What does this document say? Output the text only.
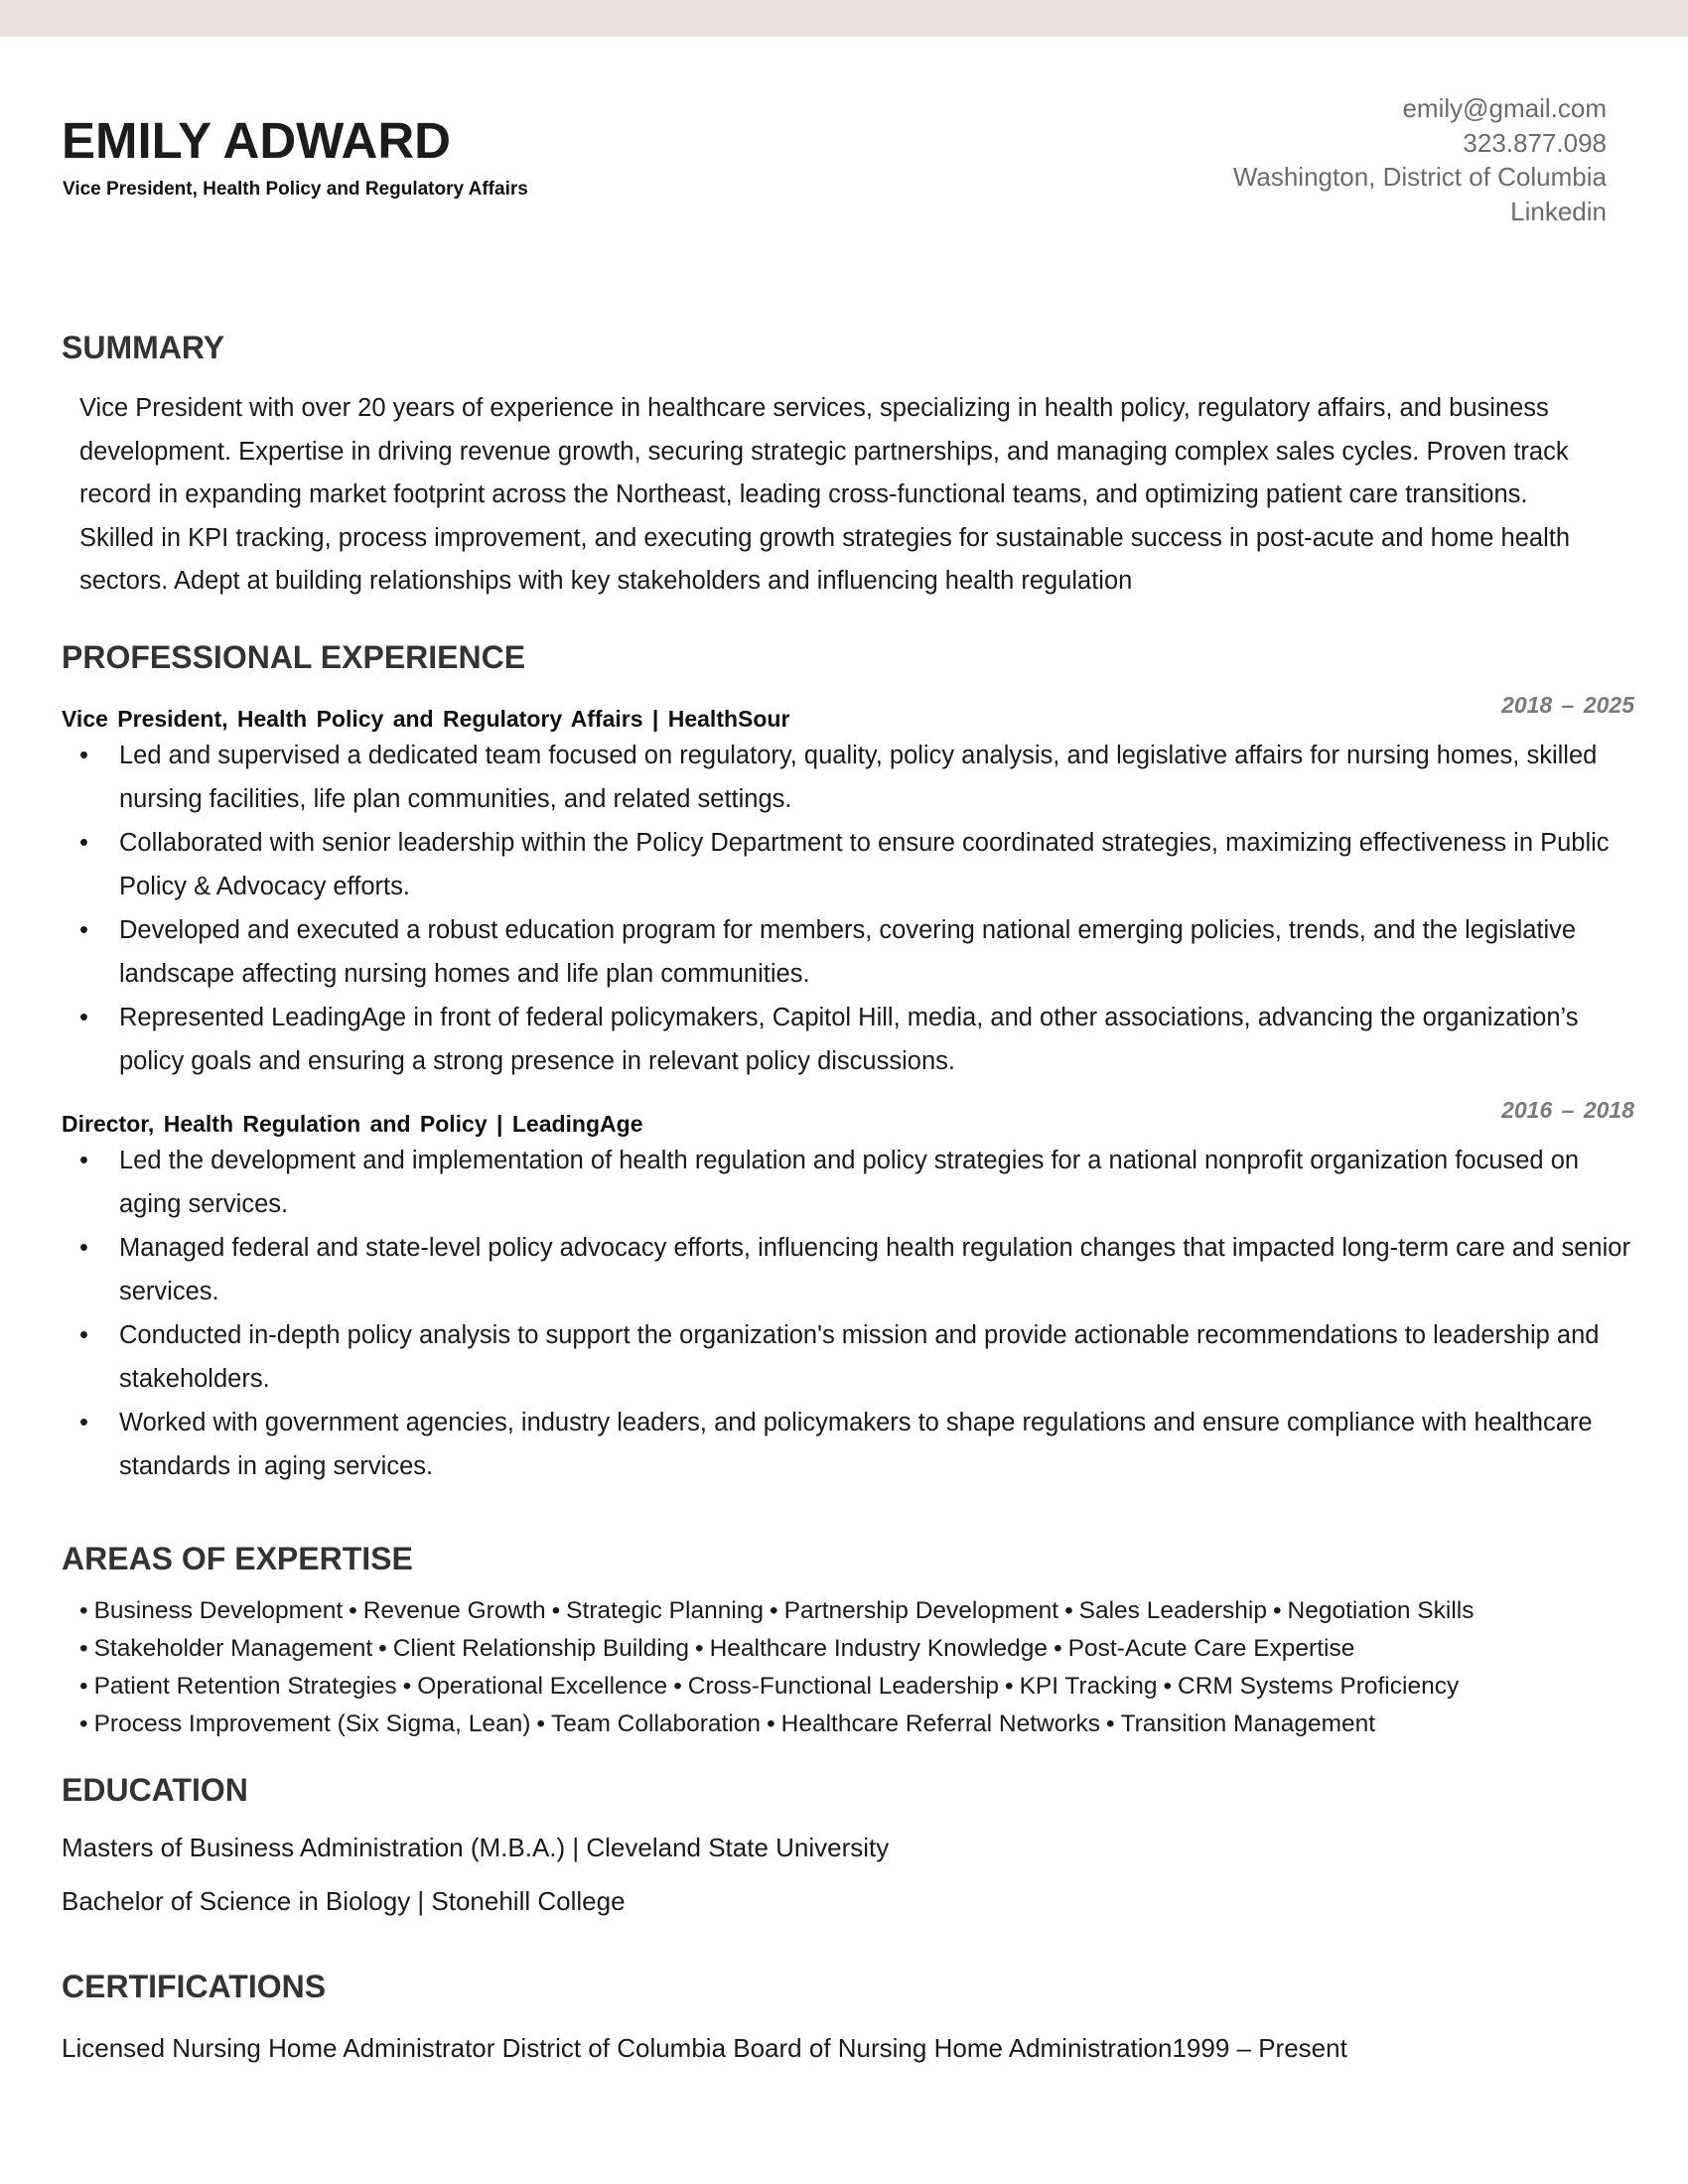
EMILY ADWARD
Vice President, Health Policy and Regulatory Affairs
emily@gmail.com
323.877.098
Washington, District of Columbia
Linkedin
SUMMARY

Vice President with over 20 years of experience in healthcare services, specializing in health policy, regulatory affairs, and business development. Expertise in driving revenue growth, securing strategic partnerships, and managing complex sales cycles. Proven track record in expanding market footprint across the Northeast, leading cross-functional teams, and optimizing patient care transitions. Skilled in KPI tracking, process improvement, and executing growth strategies for sustainable success in post-acute and home health sectors. Adept at building relationships with key stakeholders and influencing health regulation

PROFESSIONAL EXPERIENCE
Vice President, Health Policy and Regulatory Affairs | HealthSour
2018 – 2025
• Led and supervised a dedicated team focused on regulatory, quality, policy analysis, and legislative affairs for nursing homes, skilled nursing facilities, life plan communities, and related settings.
• Collaborated with senior leadership within the Policy Department to ensure coordinated strategies, maximizing effectiveness in Public Policy & Advocacy efforts.
• Developed and executed a robust education program for members, covering national emerging policies, trends, and the legislative landscape affecting nursing homes and life plan communities.
• Represented LeadingAge in front of federal policymakers, Capitol Hill, media, and other associations, advancing the organization’s policy goals and ensuring a strong presence in relevant policy discussions.
Director, Health Regulation and Policy | LeadingAge
2016 – 2018
• Led the development and implementation of health regulation and policy strategies for a national nonprofit organization focused on aging services.
• Managed federal and state-level policy advocacy efforts, influencing health regulation changes that impacted long-term care and senior services.
• Conducted in-depth policy analysis to support the organization's mission and provide actionable recommendations to leadership and stakeholders.
• Worked with government agencies, industry leaders, and policymakers to shape regulations and ensure compliance with healthcare standards in aging services.
AREAS OF EXPERTISE
• Business Development • Revenue Growth • Strategic Planning • Partnership Development • Sales Leadership • Negotiation Skills
• Stakeholder Management • Client Relationship Building • Healthcare Industry Knowledge • Post-Acute Care Expertise
• Patient Retention Strategies • Operational Excellence • Cross-Functional Leadership • KPI Tracking • CRM Systems Proficiency
• Process Improvement (Six Sigma, Lean) • Team Collaboration • Healthcare Referral Networks • Transition Management
EDUCATION
Masters of Business Administration (M.B.A.) | Cleveland State University
Bachelor of Science in Biology | Stonehill College
CERTIFICATIONS
Licensed Nursing Home Administrator District of Columbia Board of Nursing Home Administration1999 – Present
